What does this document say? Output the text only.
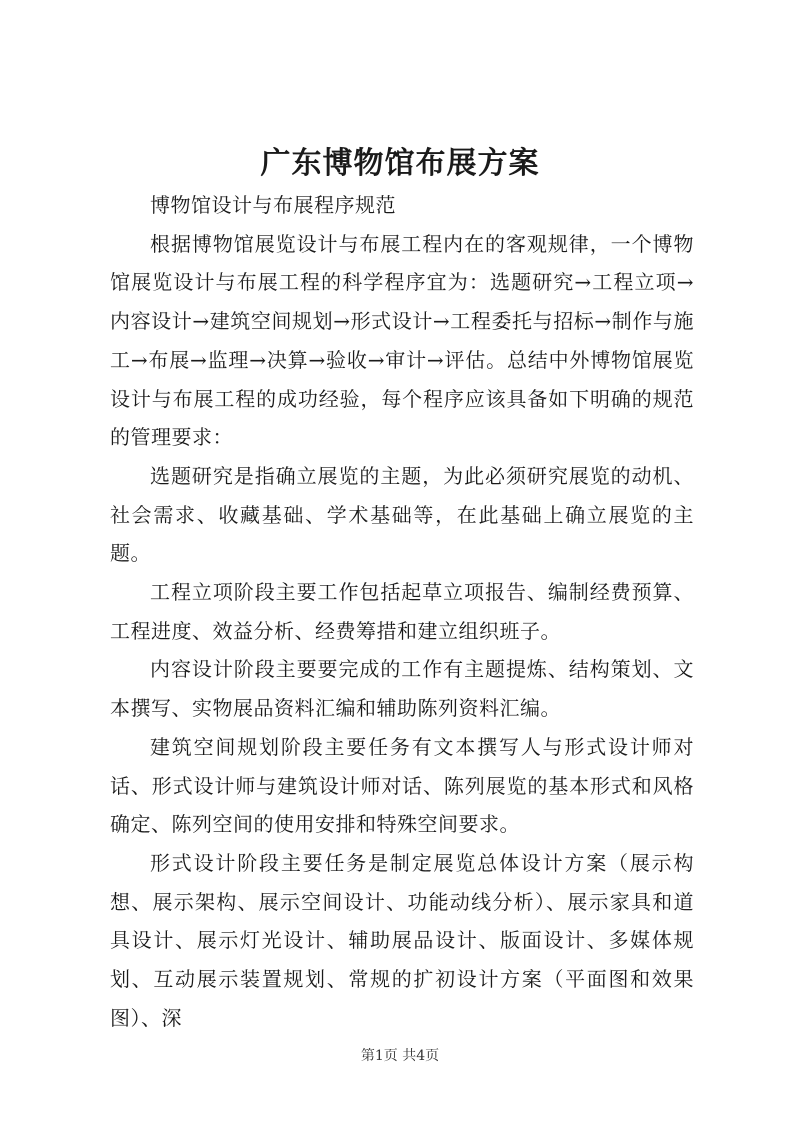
广东博物馆布展方案

博物馆设计与布展程序规范

根据博物馆展览设计与布展工程内在的客观规律，一个博物馆展览设计与布展工程的科学程序宜为：选题研究→工程立项→内容设计→建筑空间规划→形式设计→工程委托与招标→制作与施工→布展→监理→决算→验收→审计→评估。总结中外博物馆展览设计与布展工程的成功经验，每个程序应该具备如下明确的规范的管理要求：

选题研究是指确立展览的主题，为此必须研究展览的动机、社会需求、收藏基础、学术基础等，在此基础上确立展览的主题。

工程立项阶段主要工作包括起草立项报告、编制经费预算、工程进度、效益分析、经费筹措和建立组织班子。

内容设计阶段主要要完成的工作有主题提炼、结构策划、文本撰写、实物展品资料汇编和辅助陈列资料汇编。

建筑空间规划阶段主要任务有文本撰写人与形式设计师对话、形式设计师与建筑设计师对话、陈列展览的基本形式和风格确定、陈列空间的使用安排和特殊空间要求。

形式设计阶段主要任务是制定展览总体设计方案（展示构想、展示架构、展示空间设计、功能动线分析）、展示家具和道具设计、展示灯光设计、辅助展品设计、版面设计、多媒体规划、互动展示装置规划、常规的扩初设计方案（平面图和效果图）、深

第1页 共4页
